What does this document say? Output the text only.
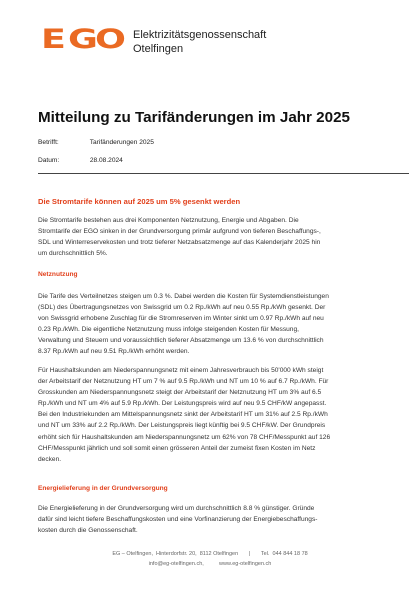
E G
O Elektrizitätsgenossenschaft
Otelfingen
Mitteilung zu Tarifänderungen im Jahr 2025
Betrifft:	Tarifänderungen 2025
Datum:	28.08.2024
Die Stromtarife können auf 2025 um 5% gesenkt werden
Die Stromtarife bestehen aus drei Komponenten Netznutzung, Energie und Abgaben. Die
Stromtarife der EGO sinken in der Grundversorgung primär aufgrund von tieferen Beschaffungs-,
SDL und Winterreservekosten und trotz tieferer Netzabsatzmenge auf das Kalenderjahr 2025 hin
um durchschnittlich 5%.
Netznutzung
Die Tarife des Verteilnetzes steigen um 0.3 %. Dabei werden die Kosten für Systemdienstleistungen
(SDL) des Übertragungsnetzes von Swissgrid um 0.2 Rp./kWh auf neu 0.55 Rp./kWh gesenkt. Der
von Swissgrid erhobene Zuschlag für die Stromreserven im Winter sinkt um 0.97 Rp./kWh auf neu
0.23 Rp./kWh. Die eigentliche Netznutzung muss infolge steigenden Kosten für Messung,
Verwaltung und Steuern und voraussichtlich tieferer Absatzmenge um 13.6 % von durchschnittlich
8.37 Rp./kWh auf neu 9.51 Rp./kWh erhöht werden.
Für Haushaltskunden am Niederspannungsnetz mit einem Jahresverbrauch bis 50'000 kWh steigt
der Arbeitstarif der Netznutzung HT um 7 % auf 9.5 Rp./kWh und NT um 10 % auf 6.7 Rp./kWh. Für
Grosskunden am Niederspannungsnetz steigt der Arbeitstarif der Netznutzung HT um 3% auf 6.5
Rp./kWh und NT um 4% auf 5.9 Rp./kWh. Der Leistungspreis wird auf neu 9.5 CHF/kW angepasst.
Bei den Industriekunden am Mittelspannungsnetz sinkt der Arbeitstarif HT um 31% auf 2.5 Rp./kWh
und NT um 33% auf 2.2 Rp./kWh. Der Leistungspreis liegt künftig bei 9.5 CHF/kW. Der Grundpreis
erhöht sich für Haushaltskunden am Niederspannungsnetz um 62% von 78 CHF/Messpunkt auf 126
CHF/Messpunkt jährlich und soll somit einen grösseren Anteil der zumeist fixen Kosten im Netz
decken.
Energielieferung in der Grundversorgung
Die Energielieferung in der Grundversorgung wird um durchschnittlich 8.8 % günstiger. Gründe
dafür sind leicht tiefere Beschaffungskosten und eine Vorfinanzierung der Energiebeschaffungs-
kosten durch die Genossenschaft.
EG – Otelfingen,  Hinterdorfstr. 20,  8112 Otelfingen       |       Tel.  044 844 18 78
info@eg-otelfingen.ch,          www.eg-otelfingen.ch
